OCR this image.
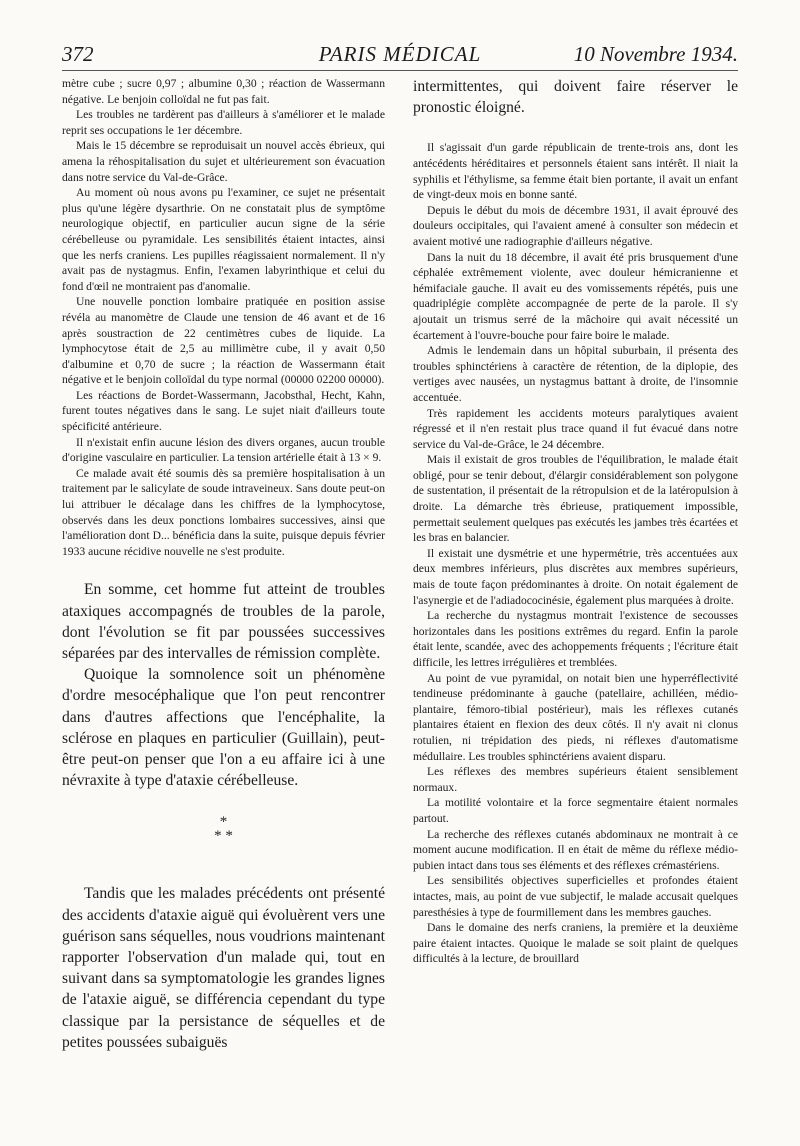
372	PARIS MÉDICAL	10 Novembre 1934.

mètre cube ; sucre 0,97 ; albumine 0,30 ; réaction de Wassermann négative. Le benjoin colloïdal ne fut pas fait.

Les troubles ne tardèrent pas d'ailleurs à s'améliorer et le malade reprit ses occupations le 1er décembre.

Mais le 15 décembre se reproduisait un nouvel accès ébrieux, qui amena la réhospitalisation du sujet et ultérieurement son évacuation dans notre service du Val-de-Grâce.

Au moment où nous avons pu l'examiner, ce sujet ne présentait plus qu'une légère dysarthrie. On ne constatait plus de symptôme neurologique objectif, en particulier aucun signe de la série cérébelleuse ou pyramidale. Les sensibilités étaient intactes, ainsi que les nerfs craniens. Les pupilles réagissaient normalement. Il n'y avait pas de nystagmus. Enfin, l'examen labyrinthique et celui du fond d'œil ne montraient pas d'anomalie.

Une nouvelle ponction lombaire pratiquée en position assise révéla au manomètre de Claude une tension de 46 avant et de 16 après soustraction de 22 centimètres cubes de liquide. La lymphocytose était de 2,5 au millimètre cube, il y avait 0,50 d'albumine et 0,70 de sucre ; la réaction de Wassermann était négative et le benjoin colloïdal du type normal (00000 02200 00000).

Les réactions de Bordet-Wassermann, Jacobsthal, Hecht, Kahn, furent toutes négatives dans le sang. Le sujet niait d'ailleurs toute spécificité antérieure.

Il n'existait enfin aucune lésion des divers organes, aucun trouble d'origine vasculaire en particulier. La tension artérielle était à 13 × 9.

Ce malade avait été soumis dès sa première hospitalisation à un traitement par le salicylate de soude intraveineux. Sans doute peut-on lui attribuer le décalage dans les chiffres de la lymphocytose, observés dans les deux ponctions lombaires successives, ainsi que l'amélioration dont D... bénéficia dans la suite, puisque depuis février 1933 aucune récidive nouvelle ne s'est produite.

En somme, cet homme fut atteint de troubles ataxiques accompagnés de troubles de la parole, dont l'évolution se fit par poussées successives séparées par des intervalles de rémission complète.

Quoique la somnolence soit un phénomène d'ordre mesocéphalique que l'on peut rencontrer dans d'autres affections que l'encéphalite, la sclérose en plaques en particulier (Guillain), peut-être peut-on penser que l'on a eu affaire ici à une névraxite à type d'ataxie cérébelleuse.

*
* *

Tandis que les malades précédents ont présenté des accidents d'ataxie aiguë qui évoluèrent vers une guérison sans séquelles, nous voudrions maintenant rapporter l'observation d'un malade qui, tout en suivant dans sa symptomatologie les grandes lignes de l'ataxie aiguë, se différencia cependant du type classique par la persistance de séquelles et de petites poussées subaiguës

intermittentes, qui doivent faire réserver le pronostic éloigné.

Il s'agissait d'un garde républicain de trente-trois ans, dont les antécédents héréditaires et personnels étaient sans intérêt. Il niait la syphilis et l'éthylisme, sa femme était bien portante, il avait un enfant de vingt-deux mois en bonne santé.

Depuis le début du mois de décembre 1931, il avait éprouvé des douleurs occipitales, qui l'avaient amené à consulter son médecin et avaient motivé une radiographie d'ailleurs négative.

Dans la nuit du 18 décembre, il avait été pris brusquement d'une céphalée extrêmement violente, avec douleur hémicranienne et hémifaciale gauche. Il avait eu des vomissements répétés, puis une quadriplégie complète accompagnée de perte de la parole. Il s'y ajoutait un trismus serré de la mâchoire qui avait nécessité un écartement à l'ouvre-bouche pour faire boire le malade.

Admis le lendemain dans un hôpital suburbain, il présenta des troubles sphinctériens à caractère de rétention, de la diplopie, des vertiges avec nausées, un nystagmus battant à droite, de l'insomnie accentuée.

Très rapidement les accidents moteurs paralytiques avaient régressé et il n'en restait plus trace quand il fut évacué dans notre service du Val-de-Grâce, le 24 décembre.

Mais il existait de gros troubles de l'équilibration, le malade était obligé, pour se tenir debout, d'élargir considérablement son polygone de sustentation, il présentait de la rétropulsion et de la latéropulsion à droite. La démarche très ébrieuse, pratiquement impossible, permettait seulement quelques pas exécutés les jambes très écartées et les bras en balancier.

Il existait une dysmétrie et une hypermétrie, très accentuées aux deux membres inférieurs, plus discrètes aux membres supérieurs, mais de toute façon prédominantes à droite. On notait également de l'asynergie et de l'adiadococinésie, également plus marquées à droite.

La recherche du nystagmus montrait l'existence de secousses horizontales dans les positions extrêmes du regard. Enfin la parole était lente, scandée, avec des achoppements fréquents ; l'écriture était difficile, les lettres irrégulières et tremblées.

Au point de vue pyramidal, on notait bien une hyperréflectivité tendineuse prédominante à gauche (patellaire, achilléen, médio-plantaire, fémoro-tibial postérieur), mais les réflexes cutanés plantaires étaient en flexion des deux côtés. Il n'y avait ni clonus rotulien, ni trépidation des pieds, ni réflexes d'automatisme médullaire. Les troubles sphinctériens avaient disparu.

Les réflexes des membres supérieurs étaient sensiblement normaux.

La motilité volontaire et la force segmentaire étaient normales partout.

La recherche des réflexes cutanés abdominaux ne montrait à ce moment aucune modification. Il en était de même du réflexe médio-pubien intact dans tous ses éléments et des réflexes crémastériens.

Les sensibilités objectives superficielles et profondes étaient intactes, mais, au point de vue subjectif, le malade accusait quelques paresthésies à type de fourmillement dans les membres gauches.

Dans le domaine des nerfs craniens, la première et la deuxième paire étaient intactes. Quoique le malade se soit plaint de quelques difficultés à la lecture, de brouillard
